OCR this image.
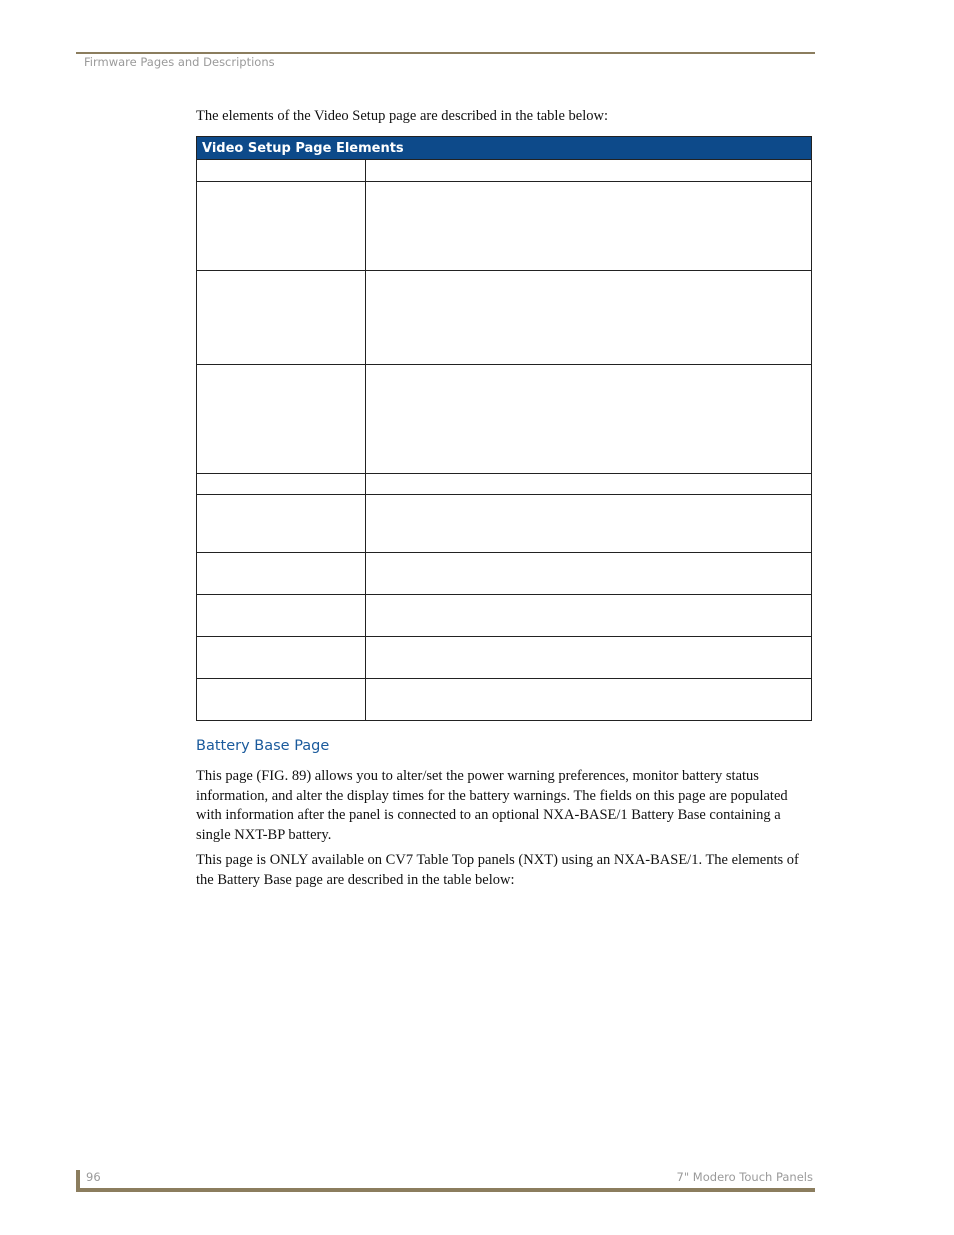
Firmware Pages and Descriptions
The elements of the Video Setup page are described in the table below:
Video Setup Page Elements	

Battery Base Page

This page (FIG. 89) allows you to alter/set the power warning preferences, monitor battery status information, and alter the display times for the battery warnings. The fields on this page are populated with information after the panel is connected to an optional NXA-BASE/1 Battery Base containing a single NXT-BP battery.

This page is ONLY available on CV7 Table Top panels (NXT) using an NXA-BASE/1. The elements of the Battery Base page are described in the table below:

96	7" Modero Touch Panels
